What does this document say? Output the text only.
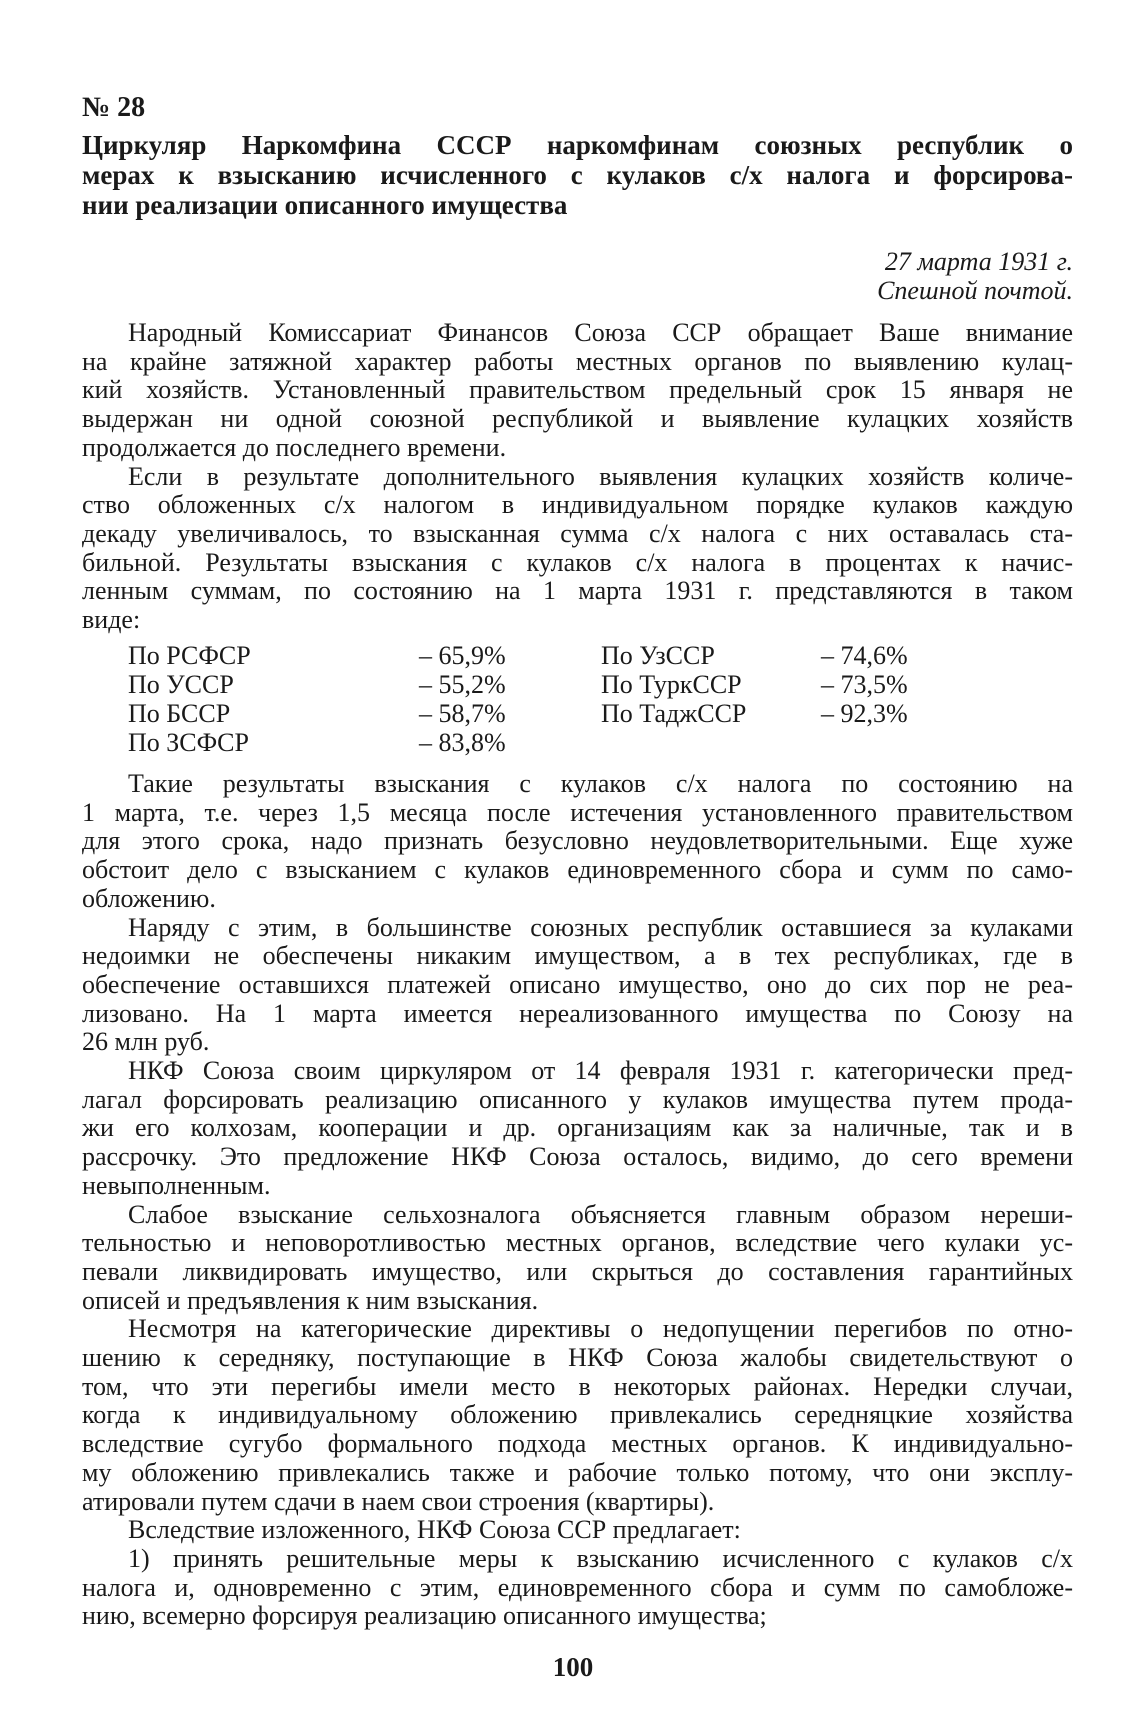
№ 28
Циркуляр Наркомфина СССР наркомфинам союзных республик о
мерах к взысканию исчисленного с кулаков с/х налога и форсирова-
нии реализации описанного имущества
27 марта 1931 г.
Спешной почтой.
Народный Комиссариат Финансов Союза ССР обращает Ваше внимание
на крайне затяжной характер работы местных органов по выявлению кулац-
кий хозяйств. Установленный правительством предельный срок 15 января не
выдержан ни одной союзной республикой и выявление кулацких хозяйств
продолжается до последнего времени.
Если в результате дополнительного выявления кулацких хозяйств количе-
ство обложенных с/х налогом в индивидуальном порядке кулаков каждую
декаду увеличивалось, то взысканная сумма с/х налога с них оставалась ста-
бильной. Результаты взыскания с кулаков с/х налога в процентах к начис-
ленным суммам, по состоянию на 1 марта 1931 г. представляются в таком
виде:
По РСФСР	– 65,9%	По УзССР	– 74,6%
По УССР	– 55,2%	По ТуркССР	– 73,5%
По БССР	– 58,7%	По ТаджССР	– 92,3%
По ЗСФСР	– 83,8%
Такие результаты взыскания с кулаков с/х налога по состоянию на
1 марта, т.е. через 1,5 месяца после истечения установленного правительством
для этого срока, надо признать безусловно неудовлетворительными. Еще хуже
обстоит дело с взысканием с кулаков единовременного сбора и сумм по само-
обложению.
Наряду с этим, в большинстве союзных республик оставшиеся за кулаками
недоимки не обеспечены никаким имуществом, а в тех республиках, где в
обеспечение оставшихся платежей описано имущество, оно до сих пор не реа-
лизовано. На 1 марта имеется нереализованного имущества по Союзу на
26 млн руб.
НКФ Союза своим циркуляром от 14 февраля 1931 г. категорически пред-
лагал форсировать реализацию описанного у кулаков имущества путем прода-
жи его колхозам, кооперации и др. организациям как за наличные, так и в
рассрочку. Это предложение НКФ Союза осталось, видимо, до сего времени
невыполненным.
Слабое взыскание сельхозналога объясняется главным образом нереши-
тельностью и неповоротливостью местных органов, вследствие чего кулаки ус-
певали ликвидировать имущество, или скрыться до составления гарантийных
описей и предъявления к ним взыскания.
Несмотря на категорические директивы о недопущении перегибов по отно-
шению к середняку, поступающие в НКФ Союза жалобы свидетельствуют о
том, что эти перегибы имели место в некоторых районах. Нередки случаи,
когда к индивидуальному обложению привлекались середняцкие хозяйства
вследствие сугубо формального подхода местных органов. К индивидуально-
му обложению привлекались также и рабочие только потому, что они эксплу-
атировали путем сдачи в наем свои строения (квартиры).
Вследствие изложенного, НКФ Союза ССР предлагает:
1) принять решительные меры к взысканию исчисленного с кулаков с/х
налога и, одновременно с этим, единовременного сбора и сумм по самобложе-
нию, всемерно форсируя реализацию описанного имущества;
100
